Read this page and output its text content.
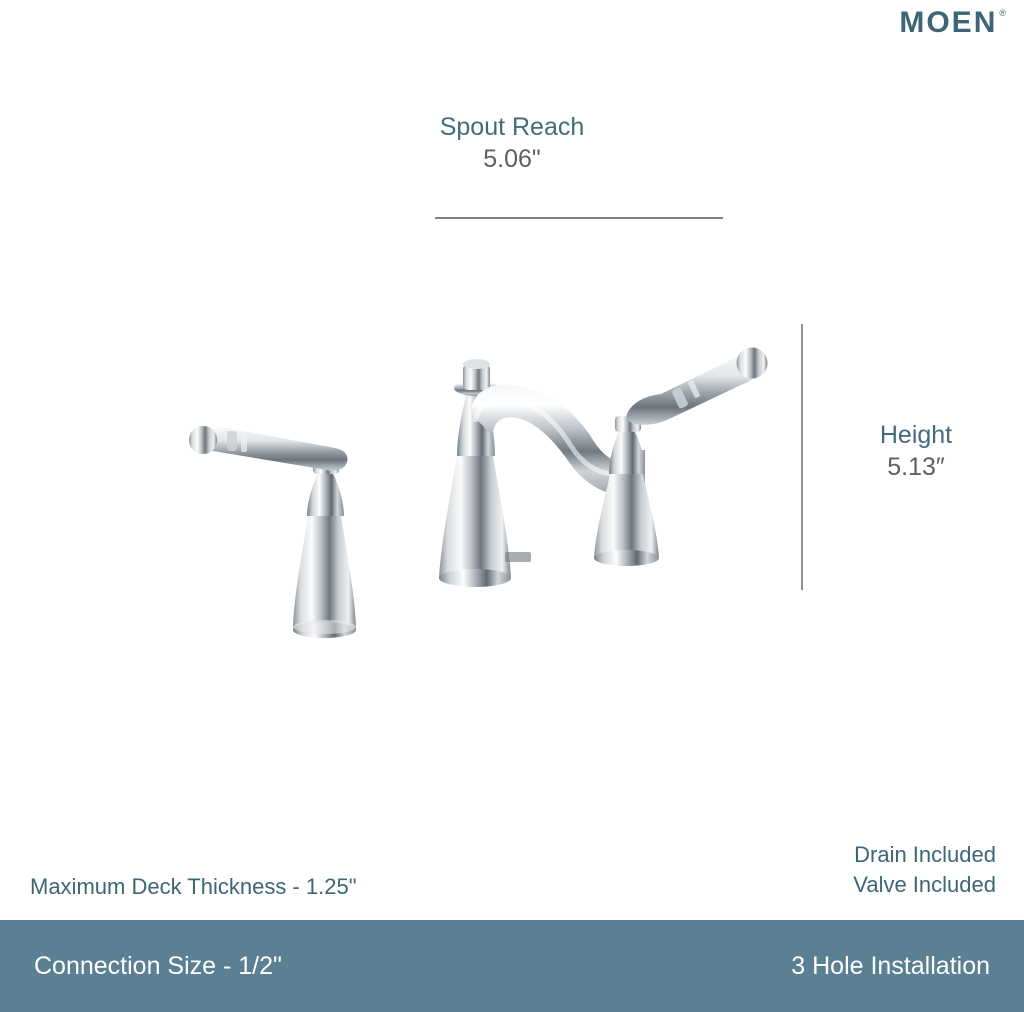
MOEN ®
Spout Reach
5.06"
Height
5.13″
Drain Included
Valve Included
Maximum Deck Thickness - 1.25"
Connection Size - 1/2"	3 Hole Installation
